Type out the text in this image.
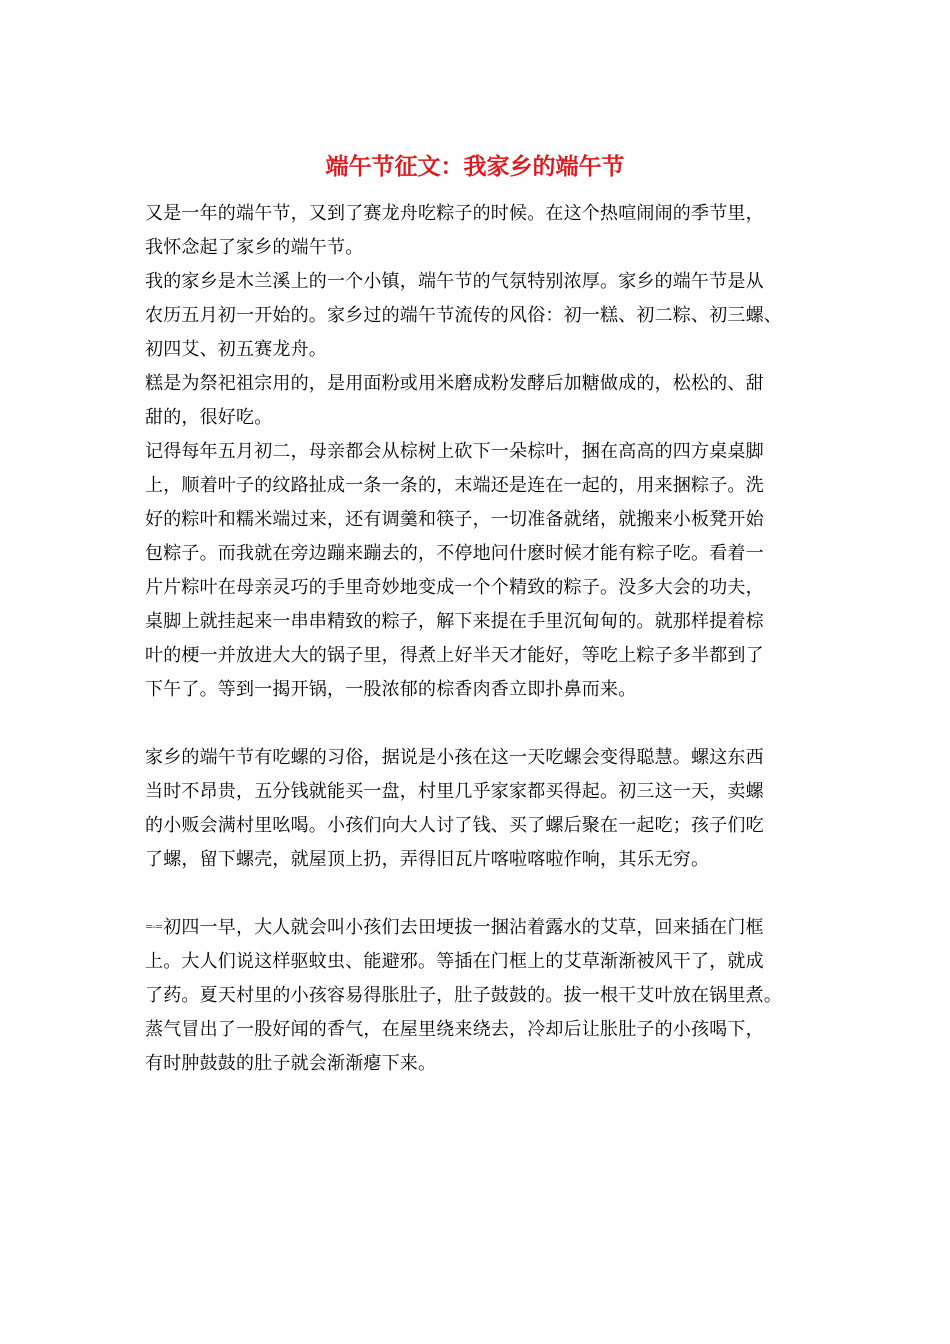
端午节征文：我家乡的端午节
又是一年的端午节，又到了赛龙舟吃粽子的时候。在这个热喧闹闹的季节里，
我怀念起了家乡的端午节。
我的家乡是木兰溪上的一个小镇，端午节的气氛特别浓厚。家乡的端午节是从
农历五月初一开始的。家乡过的端午节流传的风俗：初一糕、初二粽、初三螺、
初四艾、初五赛龙舟。
糕是为祭祀祖宗用的，是用面粉或用米磨成粉发酵后加糖做成的，松松的、甜
甜的，很好吃。
记得每年五月初二，母亲都会从棕树上砍下一朵棕叶，捆在高高的四方桌桌脚
上，顺着叶子的纹路扯成一条一条的，末端还是连在一起的，用来捆粽子。洗
好的粽叶和糯米端过来，还有调羹和筷子，一切准备就绪，就搬来小板凳开始
包粽子。而我就在旁边蹦来蹦去的，不停地问什麽时候才能有粽子吃。看着一
片片粽叶在母亲灵巧的手里奇妙地变成一个个精致的粽子。没多大会的功夫，
桌脚上就挂起来一串串精致的粽子，解下来提在手里沉甸甸的。就那样提着棕
叶的梗一并放进大大的锅子里，得煮上好半天才能好，等吃上粽子多半都到了
下午了。等到一揭开锅，一股浓郁的棕香肉香立即扑鼻而来。
家乡的端午节有吃螺的习俗，据说是小孩在这一天吃螺会变得聪慧。螺这东西
当时不昂贵，五分钱就能买一盘，村里几乎家家都买得起。初三这一天，卖螺
的小贩会满村里吆喝。小孩们向大人讨了钱、买了螺后聚在一起吃；孩子们吃
了螺，留下螺壳，就屋顶上扔，弄得旧瓦片喀啦喀啦作响，其乐无穷。
=-=初四一早，大人就会叫小孩们去田埂拔一捆沾着露水的艾草，回来插在门框
上。大人们说这样驱蚊虫、能避邪。等插在门框上的艾草渐渐被风干了，就成
了药。夏天村里的小孩容易得胀肚子，肚子鼓鼓的。拔一根干艾叶放在锅里煮。
蒸气冒出了一股好闻的香气，在屋里绕来绕去，冷却后让胀肚子的小孩喝下，
有时肿鼓鼓的肚子就会渐渐瘪下来。
